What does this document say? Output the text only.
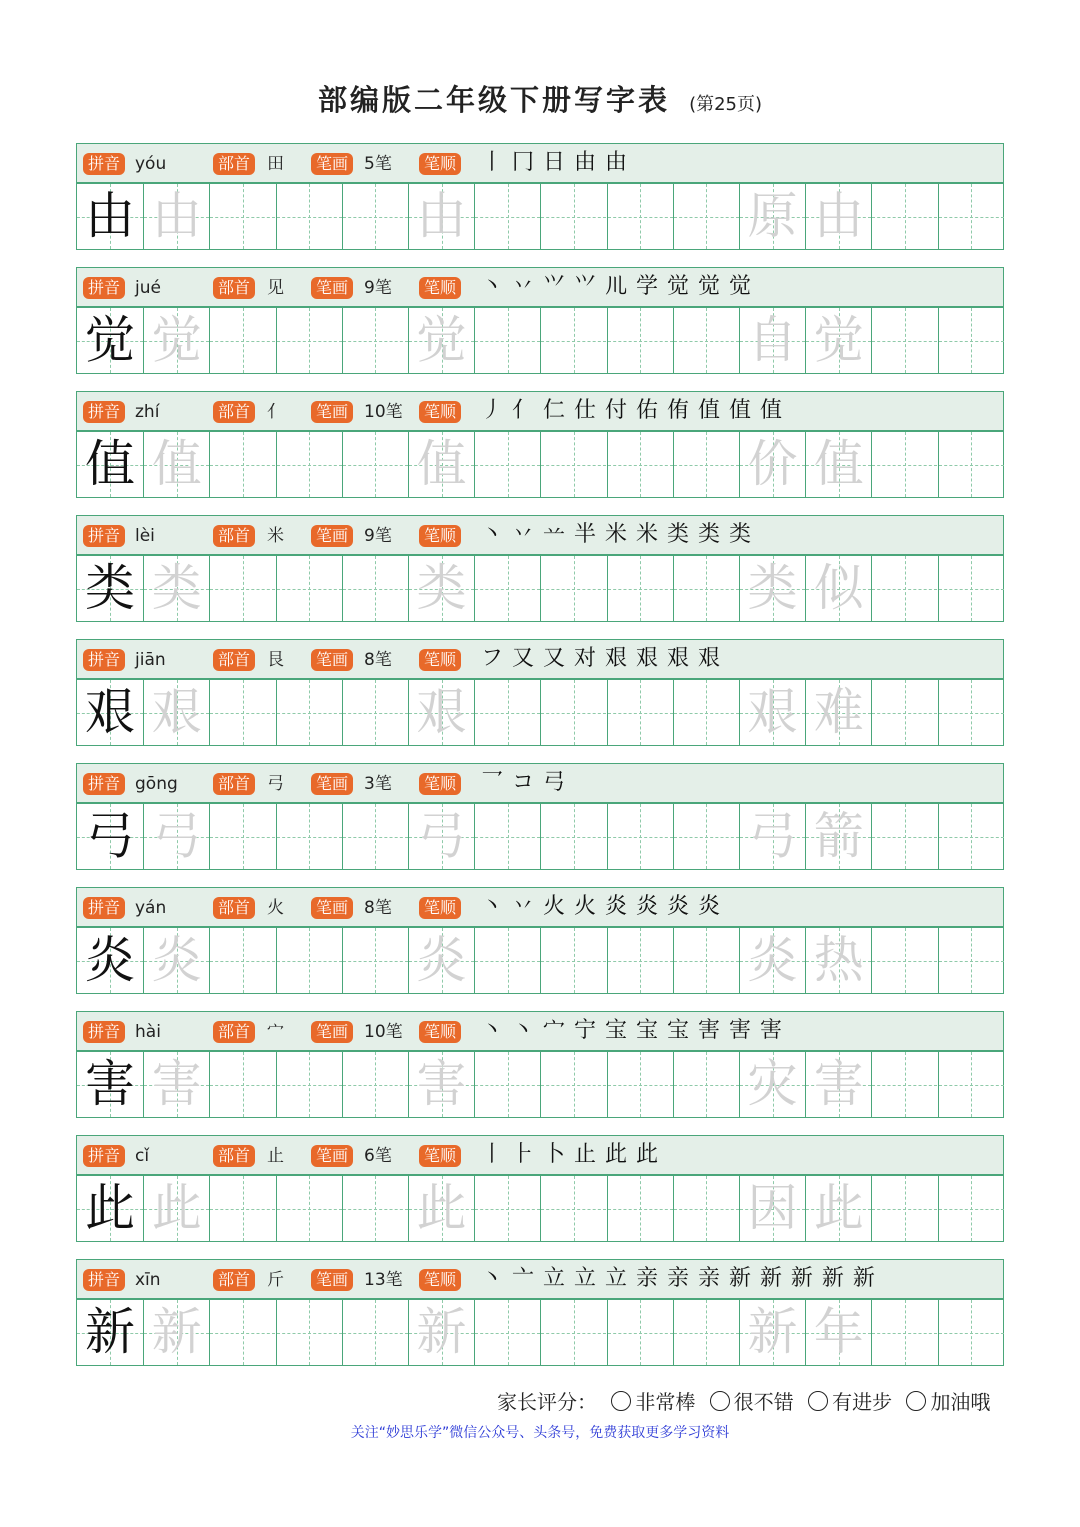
部编版二年级下册写字表 (第25页)
拼音 yóu	部首 田	笔画 5笔	笔顺 丨 冂 日 由 由
由 由	由	原 由
拼音 jué	部首 见	笔画 9笔	笔顺 丶 丷 ⺍ 𭕄 𫶧 学 觉 觉 觉
觉 觉	觉	自 觉
拼音 zhí	部首 亻	笔画 10笔	笔顺 丿 亻 仁 仕 付 佑 侑 值 值 值
值 值	值	价 值
拼音 lèi	部首 米	笔画 9笔	笔顺 丶 丷 䒑 半 米 米 类 类 类
类 类	类	类 似
拼音 jiān	部首 艮	笔画 8笔	笔顺 フ 又 又 对 艰 艰 艰 艰
艰 艰	艰	艰 难
拼音 gōng	部首 弓	笔画 3笔	笔顺 乛 コ 弓
弓 弓	弓	弓 箭
拼音 yán	部首 火	笔画 8笔	笔顺 丶 丷 火 火 炎 炎 炎 炎
炎 炎	炎	炎 热
拼音 hài	部首 宀	笔画 10笔	笔顺 丶 丶 宀 宁 宝 宝 宝 害 害 害
害 害	害	灾 害
拼音 cǐ	部首 止	笔画 6笔	笔顺 丨 ⺊ 卜 止 此 此
此 此	此	因 此
拼音 xīn	部首 斤	笔画 13笔	笔顺 丶 亠 立 立 立 亲 亲 亲 新 新 新 新 新
新 新	新	新 年
家长评分： 非常棒 很不错 有进步 加油哦
关注“妙思乐学”微信公众号、头条号，免费获取更多学习资料
